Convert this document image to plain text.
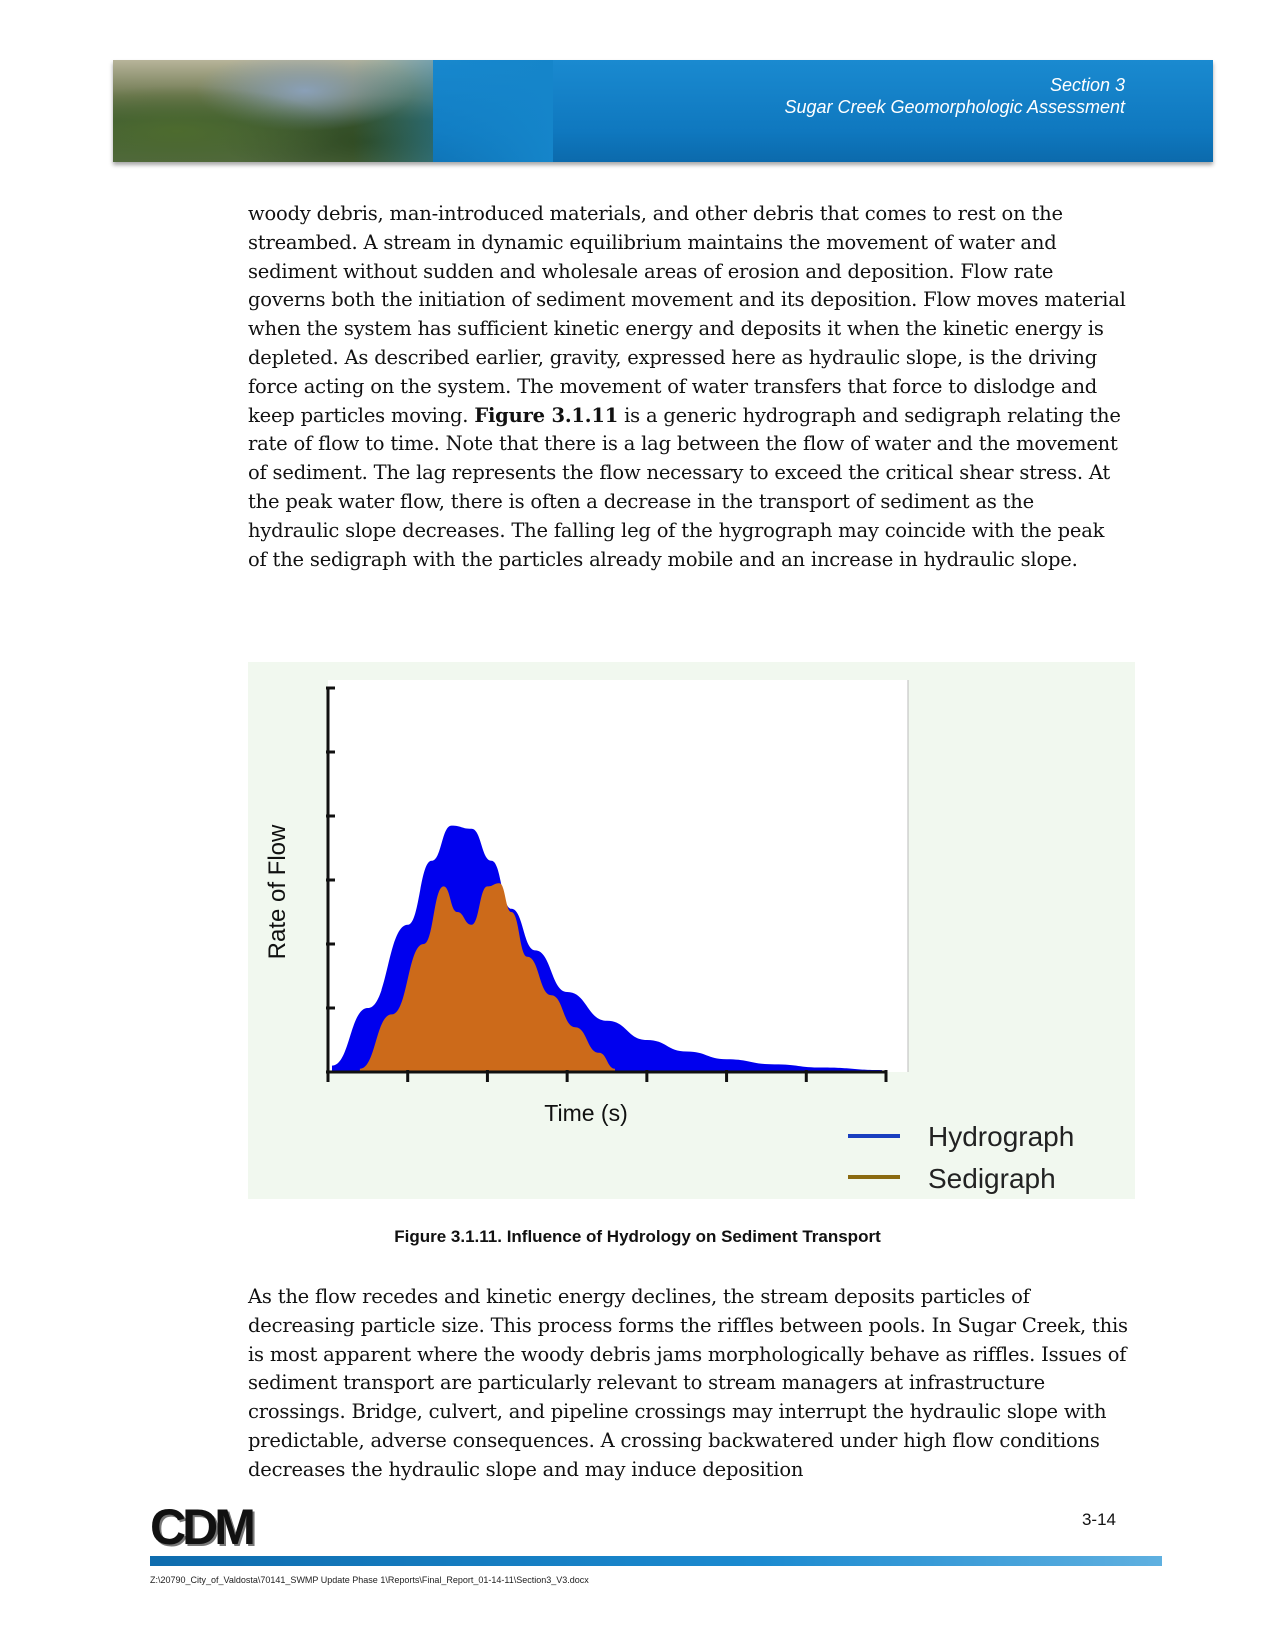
Section 3
Sugar Creek Geomorphologic Assessment

woody debris, man-introduced materials, and other debris that comes to rest on the streambed. A stream in dynamic equilibrium maintains the movement of water and sediment without sudden and wholesale areas of erosion and deposition. Flow rate governs both the initiation of sediment movement and its deposition. Flow moves material when the system has sufficient kinetic energy and deposits it when the kinetic energy is depleted. As described earlier, gravity, expressed here as hydraulic slope, is the driving force acting on the system. The movement of water transfers that force to dislodge and keep particles moving. Figure 3.1.11 is a generic hydrograph and sedigraph relating the rate of flow to time. Note that there is a lag between the flow of water and the movement of sediment. The lag represents the flow necessary to exceed the critical shear stress. At the peak water flow, there is often a decrease in the transport of sediment as the hydraulic slope decreases. The falling leg of the hygrograph may coincide with the peak of the sedigraph with the particles already mobile and an increase in hydraulic slope.

Rate of Flow
Time (s)
Hydrograph
Sedigraph
Figure 3.1.11. Influence of Hydrology on Sediment Transport

As the flow recedes and kinetic energy declines, the stream deposits particles of decreasing particle size. This process forms the riffles between pools. In Sugar Creek, this is most apparent where the woody debris jams morphologically behave as riffles. Issues of sediment transport are particularly relevant to stream managers at infrastructure crossings. Bridge, culvert, and pipeline crossings may interrupt the hydraulic slope with predictable, adverse consequences. A crossing backwatered under high flow conditions decreases the hydraulic slope and may induce deposition

CDM	3-14
Z:\20790_City_of_Valdosta\70141_SWMP Update Phase 1\Reports\Final_Report_01-14-11\Section3_V3.docx
